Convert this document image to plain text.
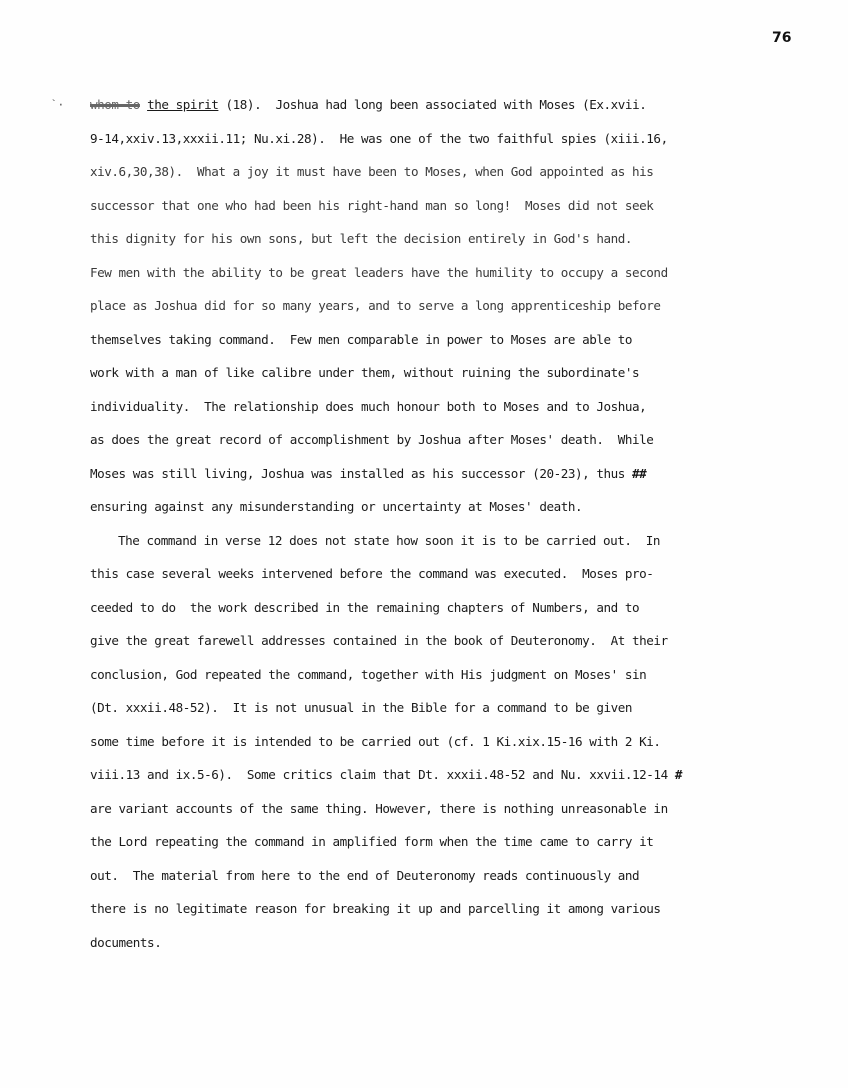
76
`· whom to the spirit (18).  Joshua had long been associated with Moses (Ex.xvii.
9-14,xxiv.13,xxxii.11; Nu.xi.28).  He was one of the two faithful spies (xiii.16,
xiv.6,30,38).  What a joy it must have been to Moses, when God appointed as his
successor that one who had been his right-hand man so long!  Moses did not seek
this dignity for his own sons, but left the decision entirely in God's hand.
Few men with the ability to be great leaders have the humility to occupy a second
place as Joshua did for so many years, and to serve a long apprenticeship before
themselves taking command.  Few men comparable in power to Moses are able to
work with a man of like calibre under them, without ruining the subordinate's
individuality.  The relationship does much honour both to Moses and to Joshua,
as does the great record of accomplishment by Joshua after Moses' death.  While
Moses was still living, Joshua was installed as his successor (20-23), thus ##
ensuring against any misunderstanding or uncertainty at Moses' death.
The command in verse 12 does not state how soon it is to be carried out.  In
this case several weeks intervened before the command was executed.  Moses pro-
ceeded to do  the work described in the remaining chapters of Numbers, and to
give the great farewell addresses contained in the book of Deuteronomy.  At their
conclusion, God repeated the command, together with His judgment on Moses' sin
(Dt. xxxii.48-52).  It is not unusual in the Bible for a command to be given
some time before it is intended to be carried out (cf. 1 Ki.xix.15-16 with 2 Ki.
viii.13 and ix.5-6).  Some critics claim that Dt. xxxii.48-52 and Nu. xxvii.12-14 #
are variant accounts of the same thing. However, there is nothing unreasonable in
the Lord repeating the command in amplified form when the time came to carry it
out.  The material from here to the end of Deuteronomy reads continuously and
there is no legitimate reason for breaking it up and parcelling it among various
documents.
